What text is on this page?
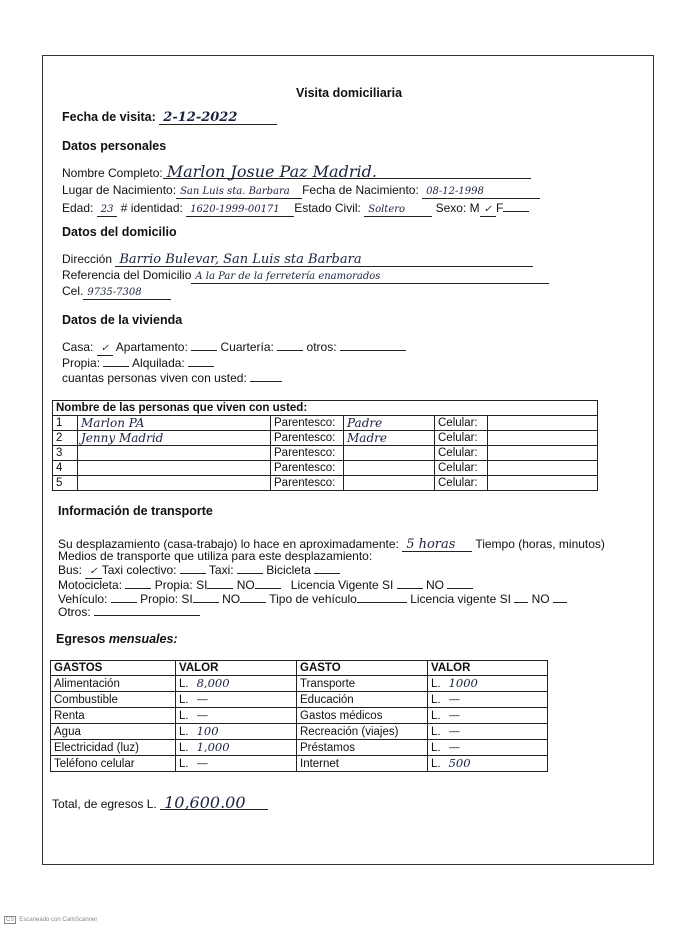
Visita domiciliaria
Fecha de visita: 2-12-2022
Datos personales
Nombre Completo: Marlon Josue Paz Madrid.
Lugar de Nacimiento: San Luis sta. Barbara Fecha de Nacimiento: 08-12-1998
Edad: 23 # identidad: 1620-1999-00171 Estado Civil: Soltero	Sexo: M ✓ F
Datos del domicilio
Dirección Barrio Bulevar, San Luis sta Barbara
Referencia del Domicilio A la Par de la ferretería enamorados
Cel. 9735-7308
Datos de la vivienda
Casa: ✓ Apartamento:	Cuartería:	otros:
Propia:	Alquilada:
cuantas personas viven con usted:
Nombre de las personas que viven con usted:					
1	Marlon PA	Parentesco:	Padre	Celular:	
2	Jenny Madrid	Parentesco:	Madre	Celular:	
3		Parentesco:		Celular:	
4		Parentesco:		Celular:	
5		Parentesco:		Celular:	
Información de transporte
Su desplazamiento (casa-trabajo) lo hace en aproximadamente: 5 horas Tiempo (horas, minutos)
Medios de transporte que utiliza para este desplazamiento:
Bus: ✓ Taxi colectivo:	Taxi:	Bicicleta
Motocicleta:	Propia: SI NO	Licencia Vigente SI	NO
Vehículo:	Propio: SI NO Tipo de vehículo	Licencia vigente SI NO
Otros:
Egresos mensuales:
GASTOS	VALOR	GASTO	VALOR
Alimentación	L. 8,000	Transporte	L. 1000
Combustible	L. —	Educación	L. —
Renta	L. —	Gastos médicos	L. —
Agua	L. 100	Recreación (viajes)	L. —
Electricidad (luz)	L. 1,000	Préstamos	L. —
Teléfono celular	L. —	Internet	L. 500
Total, de egresos L. 10,600.00
CS Escaneado con CamScanner
